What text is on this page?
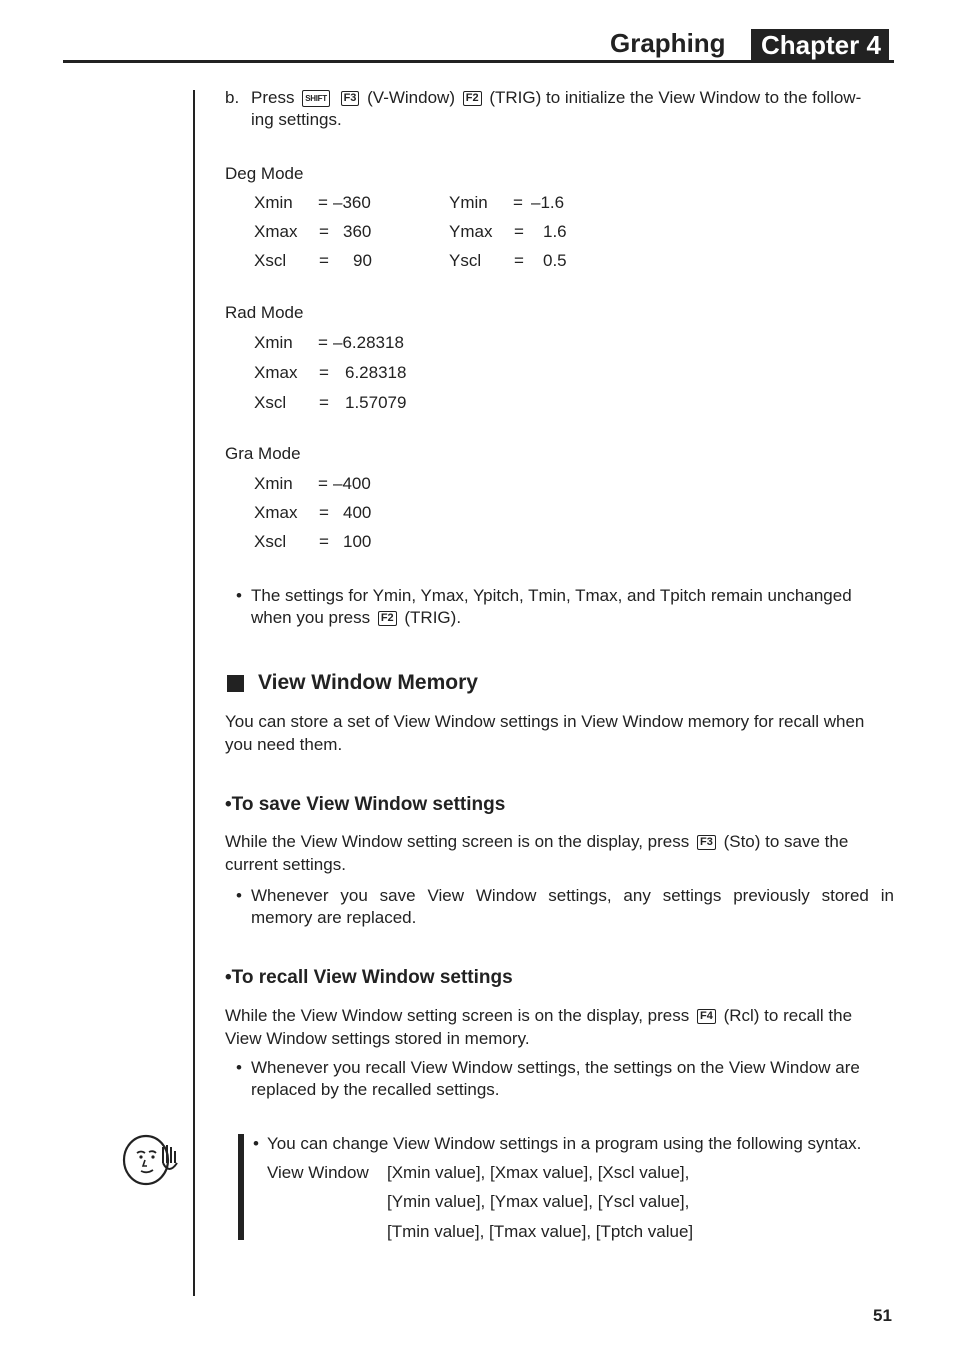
Graphing	Chapter 4
b. Press SHIFT F3 (V-Window) F2 (TRIG) to initialize the View Window to the follow-
ing settings.
Deg Mode
Xmin = –360	Ymin = –1.6
Xmax = 360	Ymax = 1.6
Xscl = 90	Yscl = 0.5
Rad Mode
Xmin = –6.28318
Xmax = 6.28318
Xscl = 1.57079
Gra Mode
Xmin = –400
Xmax = 400
Xscl = 100
• The settings for Ymin, Ymax, Ypitch, Tmin, Tmax, and Tpitch remain unchanged
when you press F2 (TRIG).
View Window Memory
You can store a set of View Window settings in View Window memory for recall when
you need them.
•To save View Window settings
While the View Window setting screen is on the display, press F3 (Sto) to save the
current settings.
• Whenever you save View Window settings, any settings previously stored in
memory are replaced.
•To recall View Window settings
While the View Window setting screen is on the display, press F4 (Rcl) to recall the
View Window settings stored in memory.
• Whenever you recall View Window settings, the settings on the View Window are
replaced by the recalled settings.
• You can change View Window settings in a program using the following syntax.
View Window [Xmin value], [Xmax value], [Xscl value],
[Ymin value], [Ymax value], [Yscl value],
[Tmin value], [Tmax value], [Tptch value]
51
